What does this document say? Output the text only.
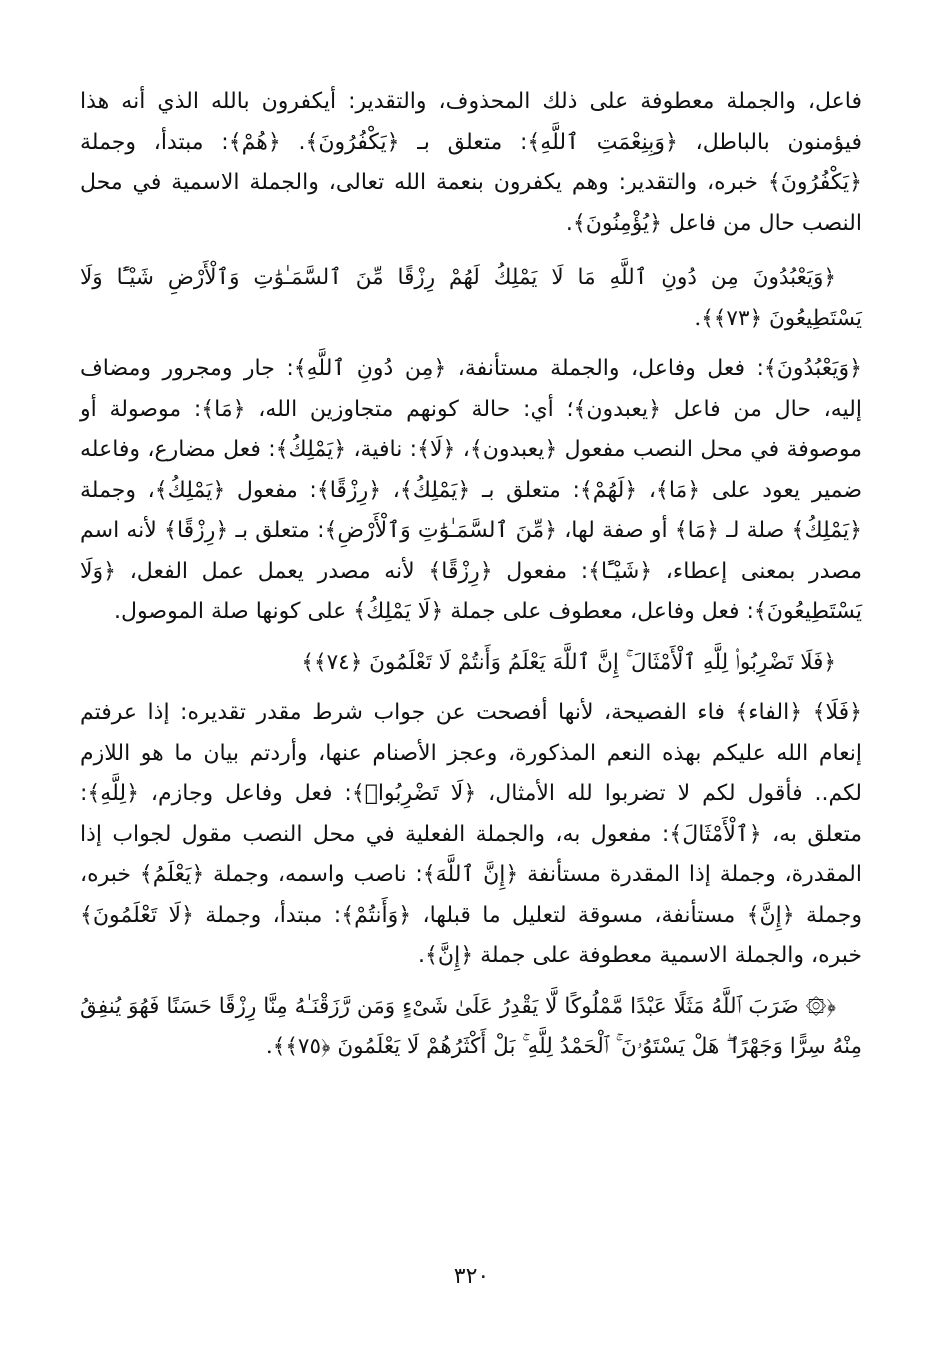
فاعل، والجملة معطوفة على ذلك المحذوف، والتقدير: أيكفرون بالله الذي أنه هذا فيؤمنون بالباطل، ﴿وَبِنِعْمَتِ ٱللَّهِ﴾: متعلق بـ ﴿يَكْفُرُونَ﴾. ﴿هُمْ﴾: مبتدأ، وجملة ﴿يَكْفُرُونَ﴾ خبره، والتقدير: وهم يكفرون بنعمة الله تعالى، والجملة الاسمية في محل النصب حال من فاعل ﴿يُؤْمِنُونَ﴾.

﴿وَيَعْبُدُونَ مِن دُونِ ٱللَّهِ مَا لَا يَمْلِكُ لَهُمْ رِزْقًا مِّنَ ٱلسَّمَـٰوَٰتِ وَٱلْأَرْضِ شَيْـًٔا وَلَا يَسْتَطِيعُونَ ﴿٧٣﴾﴾.

﴿وَيَعْبُدُونَ﴾: فعل وفاعل، والجملة مستأنفة، ﴿مِن دُونِ ٱللَّهِ﴾: جار ومجرور ومضاف إليه، حال من فاعل ﴿يعبدون﴾؛ أي: حالة كونهم متجاوزين الله، ﴿مَا﴾: موصولة أو موصوفة في محل النصب مفعول ﴿يعبدون﴾، ﴿لَا﴾: نافية، ﴿يَمْلِكُ﴾: فعل مضارع، وفاعله ضمير يعود على ﴿مَا﴾، ﴿لَهُمْ﴾: متعلق بـ ﴿يَمْلِكُ﴾، ﴿رِزْقًا﴾: مفعول ﴿يَمْلِكُ﴾، وجملة ﴿يَمْلِكُ﴾ صلة لـ ﴿مَا﴾ أو صفة لها، ﴿مِّنَ ٱلسَّمَـٰوَٰتِ وَٱلْأَرْضِ﴾: متعلق بـ ﴿رِزْقًا﴾ لأنه اسم مصدر بمعنى إعطاء، ﴿شَيْـًٔا﴾: مفعول ﴿رِزْقًا﴾ لأنه مصدر يعمل عمل الفعل، ﴿وَلَا يَسْتَطِيعُونَ﴾: فعل وفاعل، معطوف على جملة ﴿لَا يَمْلِكُ﴾ على كونها صلة الموصول.

﴿فَلَا تَضْرِبُوا۟ لِلَّهِ ٱلْأَمْثَالَ ۚ إِنَّ ٱللَّهَ يَعْلَمُ وَأَنتُمْ لَا تَعْلَمُونَ ﴿٧٤﴾﴾

﴿فَلَا﴾ ﴿الفاء﴾ فاء الفصيحة، لأنها أفصحت عن جواب شرط مقدر تقديره: إذا عرفتم إنعام الله عليكم بهذه النعم المذكورة، وعجز الأصنام عنها، وأردتم بيان ما هو اللازم لكم.. فأقول لكم لا تضربوا لله الأمثال، ﴿لَا تَضْرِبُوا۟﴾: فعل وفاعل وجازم، ﴿لِلَّهِ﴾: متعلق به، ﴿ٱلْأَمْثَالَ﴾: مفعول به، والجملة الفعلية في محل النصب مقول لجواب إذا المقدرة، وجملة إذا المقدرة مستأنفة ﴿إِنَّ ٱللَّهَ﴾: ناصب واسمه، وجملة ﴿يَعْلَمُ﴾ خبره، وجملة ﴿إِنَّ﴾ مستأنفة، مسوقة لتعليل ما قبلها، ﴿وَأَنتُمْ﴾: مبتدأ، وجملة ﴿لَا تَعْلَمُونَ﴾ خبره، والجملة الاسمية معطوفة على جملة ﴿إِنَّ﴾.

﴿۞ ضَرَبَ ٱللَّهُ مَثَلًا عَبْدًا مَّمْلُوكًا لَّا يَقْدِرُ عَلَىٰ شَىْءٍ وَمَن رَّزَقْنَـٰهُ مِنَّا رِزْقًا حَسَنًا فَهُوَ يُنفِقُ مِنْهُ سِرًّا وَجَهْرًا ۖ هَلْ يَسْتَوُۥنَ ۚ ٱلْحَمْدُ لِلَّهِ ۚ بَلْ أَكْثَرُهُمْ لَا يَعْلَمُونَ ﴿٧٥﴾﴾.

٣٢٠
